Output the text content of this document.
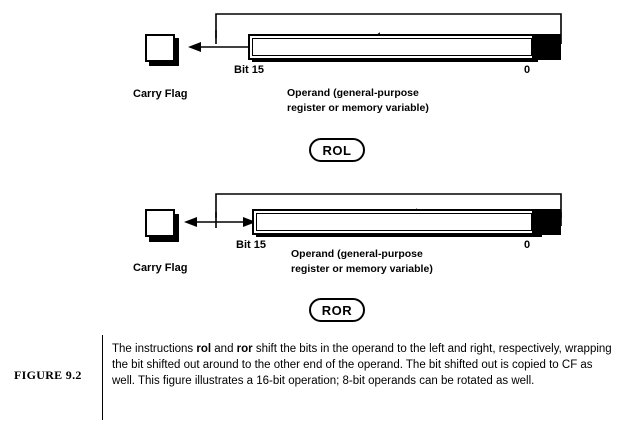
Carry Flag
Bit 15	0
Operand (general-purpose
register or memory variable)
ROL
Carry Flag
Bit 15	0
Operand (general-purpose
register or memory variable)
ROR
FIGURE 9.2
The instructions rol and ror shift the bits in the operand to the left and right, respectively, wrapping the bit shifted out around to the other end of the operand. The bit shifted out is copied to CF as well. This figure illustrates a 16-bit operation; 8-bit operands can be rotated as well.
